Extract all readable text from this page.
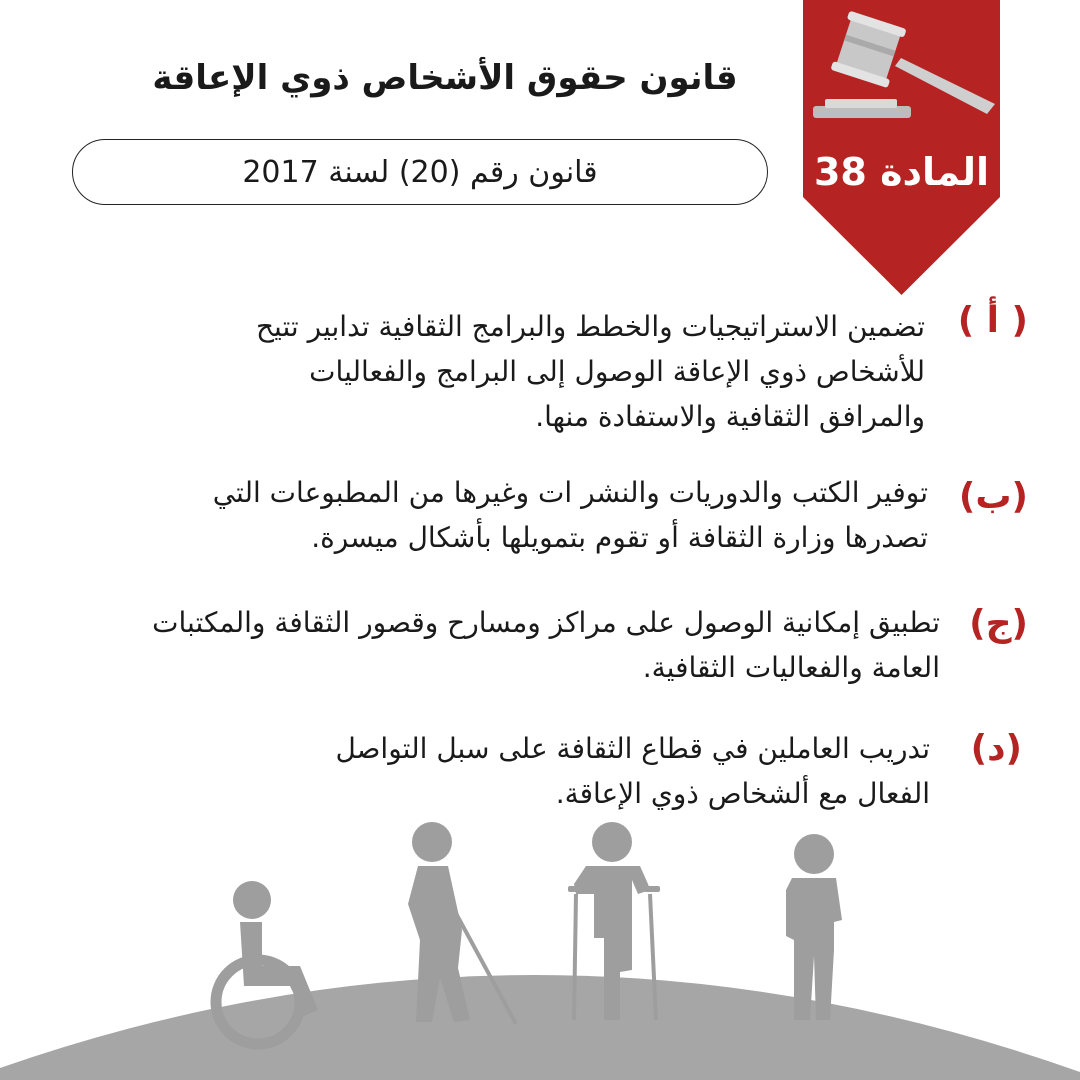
قانون حقوق الأشخاص ذوي الإعاقة
قانون رقم (20) لسنة 2017	المادة 38
( أ )
تضمين الاستراتيجيات والخطط والبرامج الثقافية تدابير تتيح للأشخاص ذوي الإعاقة الوصول إلى البرامج والفعاليات والمرافق الثقافية والاستفادة منها.
(ب)
توفير الكتب والدوريات والنشر ات وغيرها من المطبوعات التي تصدرها وزارة الثقافة أو تقوم بتمويلها بأشكال ميسرة.
(ج)
تطبيق إمكانية الوصول على مراكز ومسارح وقصور الثقافة والمكتبات العامة والفعاليات الثقافية.
(د)
تدريب العاملين في قطاع الثقافة على سبل التواصل الفعال مع ألشخاص ذوي الإعاقة.
